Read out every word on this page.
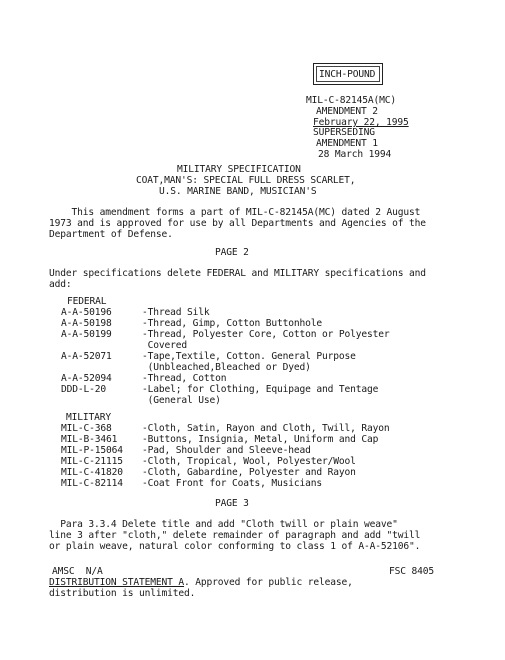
INCH-POUND
MIL-C-82145A(MC)
AMENDMENT 2
February 22, 1995
SUPERSEDING
AMENDMENT 1
28 March 1994
MILITARY SPECIFICATION
COAT,MAN'S: SPECIAL FULL DRESS SCARLET,
U.S. MARINE BAND, MUSICIAN'S
This amendment forms a part of MIL-C-82145A(MC) dated 2 August
1973 and is approved for use by all Departments and Agencies of the
Department of Defense.
PAGE 2
Under specifications delete FEDERAL and MILITARY specifications and
add:
FEDERAL
A-A-50196	-Thread Silk
A-A-50198	-Thread, Gimp, Cotton Buttonhole
A-A-50199	-Thread, Polyester Core, Cotton or Polyester
Covered
A-A-52071	-Tape,Textile, Cotton. General Purpose
(Unbleached,Bleached or Dyed)
A-A-52094	-Thread, Cotton
DDD-L-20	-Label; for Clothing, Equipage and Tentage
(General Use)
MILITARY
MIL-C-368	-Cloth, Satin, Rayon and Cloth, Twill, Rayon
MIL-B-3461	-Buttons, Insignia, Metal, Uniform and Cap
MIL-P-15064 -Pad, Shoulder and Sleeve-head
MIL-C-21115 -Cloth, Tropical, Wool, Polyester/Wool
MIL-C-41820 -Cloth, Gabardine, Polyester and Rayon
MIL-C-82114 -Coat Front for Coats, Musicians
PAGE 3
Para 3.3.4 Delete title and add "Cloth twill or plain weave"
line 3 after "cloth," delete remainder of paragraph and add "twill
or plain weave, natural color conforming to class 1 of A-A-52106".
AMSC  N/A	FSC 8405
DISTRIBUTION STATEMENT A. Approved for public release,
distribution is unlimited.
